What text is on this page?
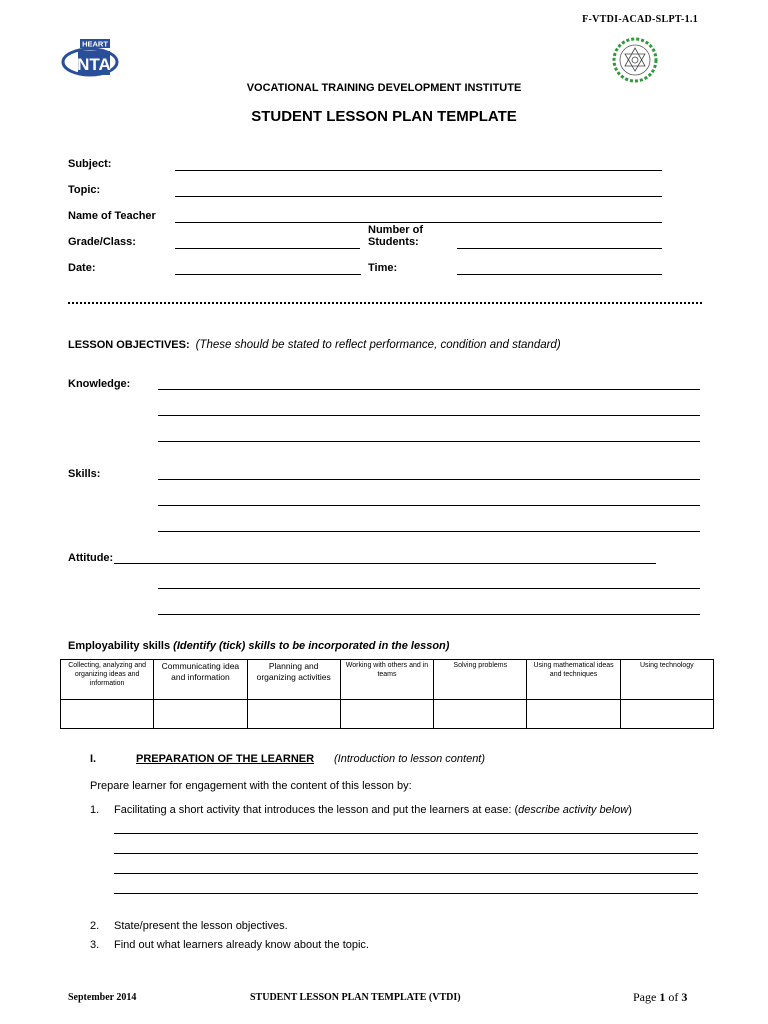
F-VTDI-ACAD-SLPT-1.1
HEART
NTA
VOCATIONAL TRAINING DEVELOPMENT INSTITUTE
STUDENT LESSON PLAN TEMPLATE
Subject:
Topic:
Name of Teacher
Grade/Class:
Number of
Students:
Date:	Time:
LESSON OBJECTIVES: (These should be stated to reflect performance, condition and standard)
Knowledge:
Skills:
Attitude:
Employability skills (Identify (tick) skills to be incorporated in the lesson)
Collecting, analyzing and organizing ideas and information	Communicating idea and information	Planning and organizing activities	Working with others and in teams	Solving problems	Using mathematical ideas and techniques	Using technology

I.	PREPARATION OF THE LEARNER (Introduction to lesson content)
Prepare learner for engagement with the content of this lesson by:
1. Facilitating a short activity that introduces the lesson and put the learners at ease: (describe activity below)
2. State/present the lesson objectives.
3. Find out what learners already know about the topic.
September 2014	STUDENT LESSON PLAN TEMPLATE (VTDI)	Page 1 of 3
